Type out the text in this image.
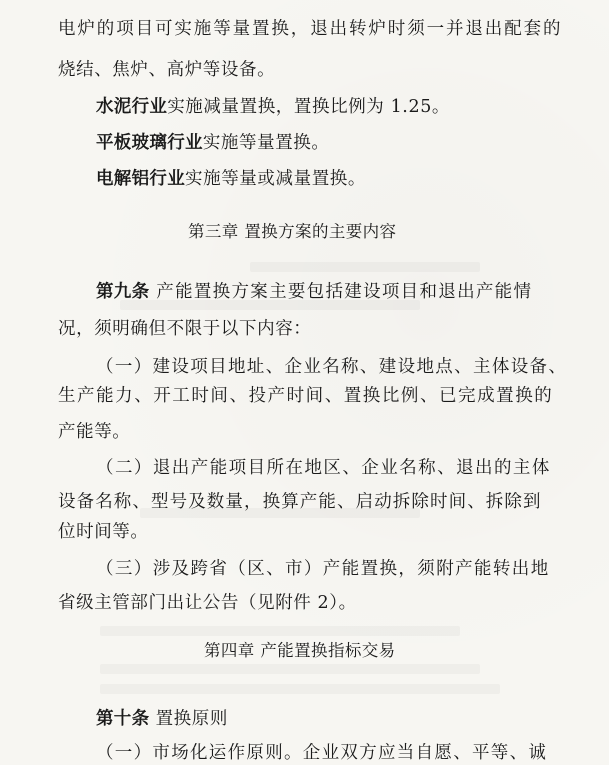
电炉的项目可实施等量置换，退出转炉时须一并退出配套的
烧结、焦炉、高炉等设备。
水泥行业实施减量置换，置换比例为 1.25。
平板玻璃行业实施等量置换。
电解铝行业实施等量或减量置换。
第三章 置换方案的主要内容
第九条 产能置换方案主要包括建设项目和退出产能情
况，须明确但不限于以下内容：
（一）建设项目地址、企业名称、建设地点、主体设备、
生产能力、开工时间、投产时间、置换比例、已完成置换的
产能等。
（二）退出产能项目所在地区、企业名称、退出的主体
设备名称、型号及数量，换算产能、启动拆除时间、拆除到
位时间等。
（三）涉及跨省（区、市）产能置换，须附产能转出地
省级主管部门出让公告（见附件 2）。
第四章 产能置换指标交易
第十条 置换原则
（一）市场化运作原则。企业双方应当自愿、平等、诚
